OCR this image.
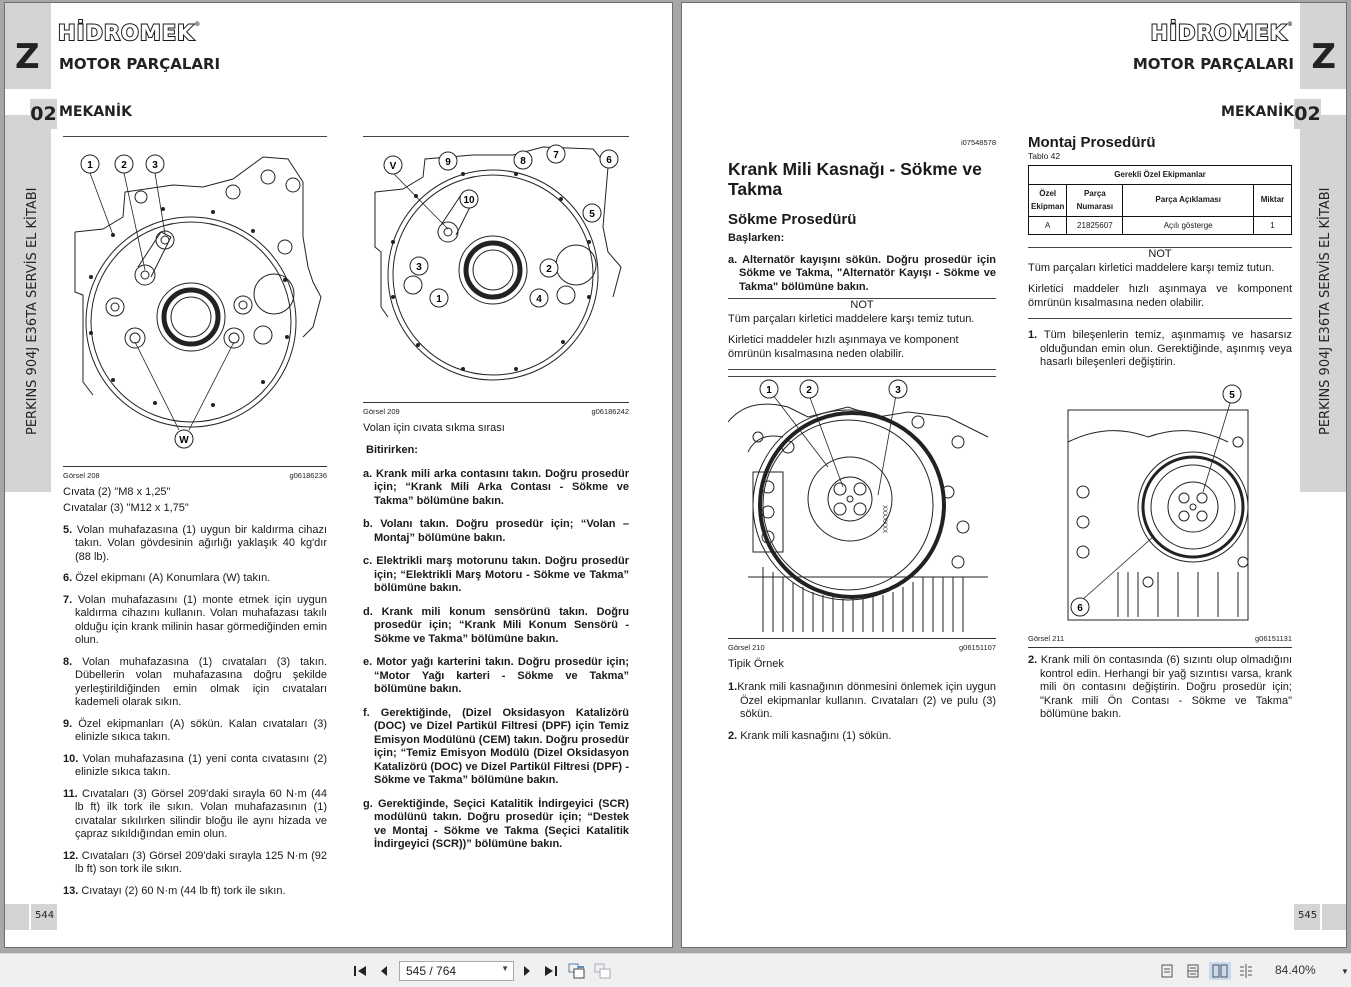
Z
02
PERKINS 904J E36TA SERVİS EL KİTABI
HİDROMEK®
MOTOR PARÇALARI
MEKANİK
1	2	3
W
Görsel 208	g06186236
Cıvata (2) "M8 x 1,25"
Cıvatalar (3) "M12 x 1,75"
5. Volan muhafazasına (1) uygun bir kaldırma cihazı takın. Volan gövdesinin ağırlığı yaklaşık 40 kg'dır (88 lb).
6. Özel ekipmanı (A) Konumlara (W) takın.
7. Volan muhafazasını (1) monte etmek için uygun kaldırma cihazını kullanın. Volan muhafazası takılı olduğu için krank milinin hasar görmediğinden emin olun.
8. Volan muhafazasına (1) cıvataları (3) takın. Dübellerin volan muhafazasına doğru şekilde yerleştirildiğinden emin olmak için cıvataları kademeli olarak sıkın.
9. Özel ekipmanları (A) sökün. Kalan cıvataları (3) elinizle sıkıca takın.
10. Volan muhafazasına (1) yeni conta cıvatasını (2) elinizle sıkıca takın.
11. Cıvataları (3) Görsel 209'daki sırayla 60 N·m (44 lb ft) ilk tork ile sıkın. Volan muhafazasının (1) cıvatalar sıkılırken silindir bloğu ile aynı hizada ve çapraz sıkıldığından emin olun.
12. Cıvataları (3) Görsel 209'daki sırayla 125 N·m (92 lb ft) son tork ile sıkın.
13. Cıvatayı (2) 60 N·m (44 lb ft) tork ile sıkın.
V	9	8
7	6
5
10
3	2
1	4
Görsel 209	g06186242
Volan için cıvata sıkma sırası
Bitirirken:
a. Krank mili arka contasını takın. Doğru prosedür için; “Krank Mili Arka Contası - Sökme ve Takma” bölümüne bakın.
b. Volanı takın. Doğru prosedür için; “Volan – Montaj” bölümüne bakın.
c. Elektrikli marş motorunu takın. Doğru prosedür için; “Elektrikli Marş Motoru - Sökme ve Takma” bölümüne bakın.
d. Krank mili konum sensörünü takın. Doğru prosedür için; “Krank Mili Konum Sensörü - Sökme ve Takma” bölümüne bakın.
e. Motor yağı karterini takın. Doğru prosedür için; “Motor Yağı karteri - Sökme ve Takma” bölümüne bakın.
f. Gerektiğinde, (Dizel Oksidasyon Katalizörü (DOC) ve Dizel Partikül Filtresi (DPF) için Temiz Emisyon Modülünü (CEM) takın. Doğru prosedür için; “Temiz Emisyon Modülü (Dizel Oksidasyon Katalizörü (DOC) ve Dizel Partikül Filtresi (DPF) - Sökme ve Takma” bölümüne bakın.
g. Gerektiğinde, Seçici Katalitik İndirgeyici (SCR) modülünü takın. Doğru prosedür için; “Destek ve Montaj - Sökme ve Takma (Seçici Katalitik İndirgeyici (SCR))” bölümüne bakın.
544
Z
02
PERKINS 904J E36TA SERVİS EL KİTABI
HİDROMEK®
MOTOR PARÇALARI
MEKANİK
i07548578
Krank Mili Kasnağı - Sökme ve Takma
Sökme Prosedürü
Başlarken:
a. Alternatör kayışını sökün. Doğru prosedür için Sökme ve Takma, "Alternatör Kayışı - Sökme ve Takma" bölümüne bakın.
NOT
Tüm parçaları kirletici maddelere karşı temiz tutun.
Kirletici maddeler hızlı aşınmaya ve komponent ömrünün kısalmasına neden olabilir.
XXXXXXX
1	2	3
Görsel 210	g06151107
Tipik Örnek
1.Krank mili kasnağının dönmesini önlemek için uygun Özel ekipmanlar kullanın. Cıvataları (2) ve pulu (3) sökün.
2. Krank mili kasnağını (1) sökün.
Montaj Prosedürü
Tablo 42
Gerekli Özel Ekipmanlar			
Özel Ekipman	Parça Numarası	Parça Açıklaması	Miktar
A	21825607	Açılı gösterge	1
NOT
Tüm parçaları kirletici maddelere karşı temiz tutun.
Kirletici maddeler hızlı aşınmaya ve komponent ömrünün kısalmasına neden olabilir.
1. Tüm bileşenlerin temiz, aşınmamış ve hasarsız olduğundan emin olun. Gerektiğinde, aşınmış veya hasarlı bileşenleri değiştirin.
5
6
Görsel 211	g06151131
2. Krank mili ön contasında (6) sızıntı olup olmadığını kontrol edin. Herhangi bir yağ sızıntısı varsa, krank mili ön contasını değiştirin. Doğru prosedür için; "Krank mili Ön Contası - Sökme ve Takma" bölümüne bakın.
545
545 / 764	▼	84.40%	▼
